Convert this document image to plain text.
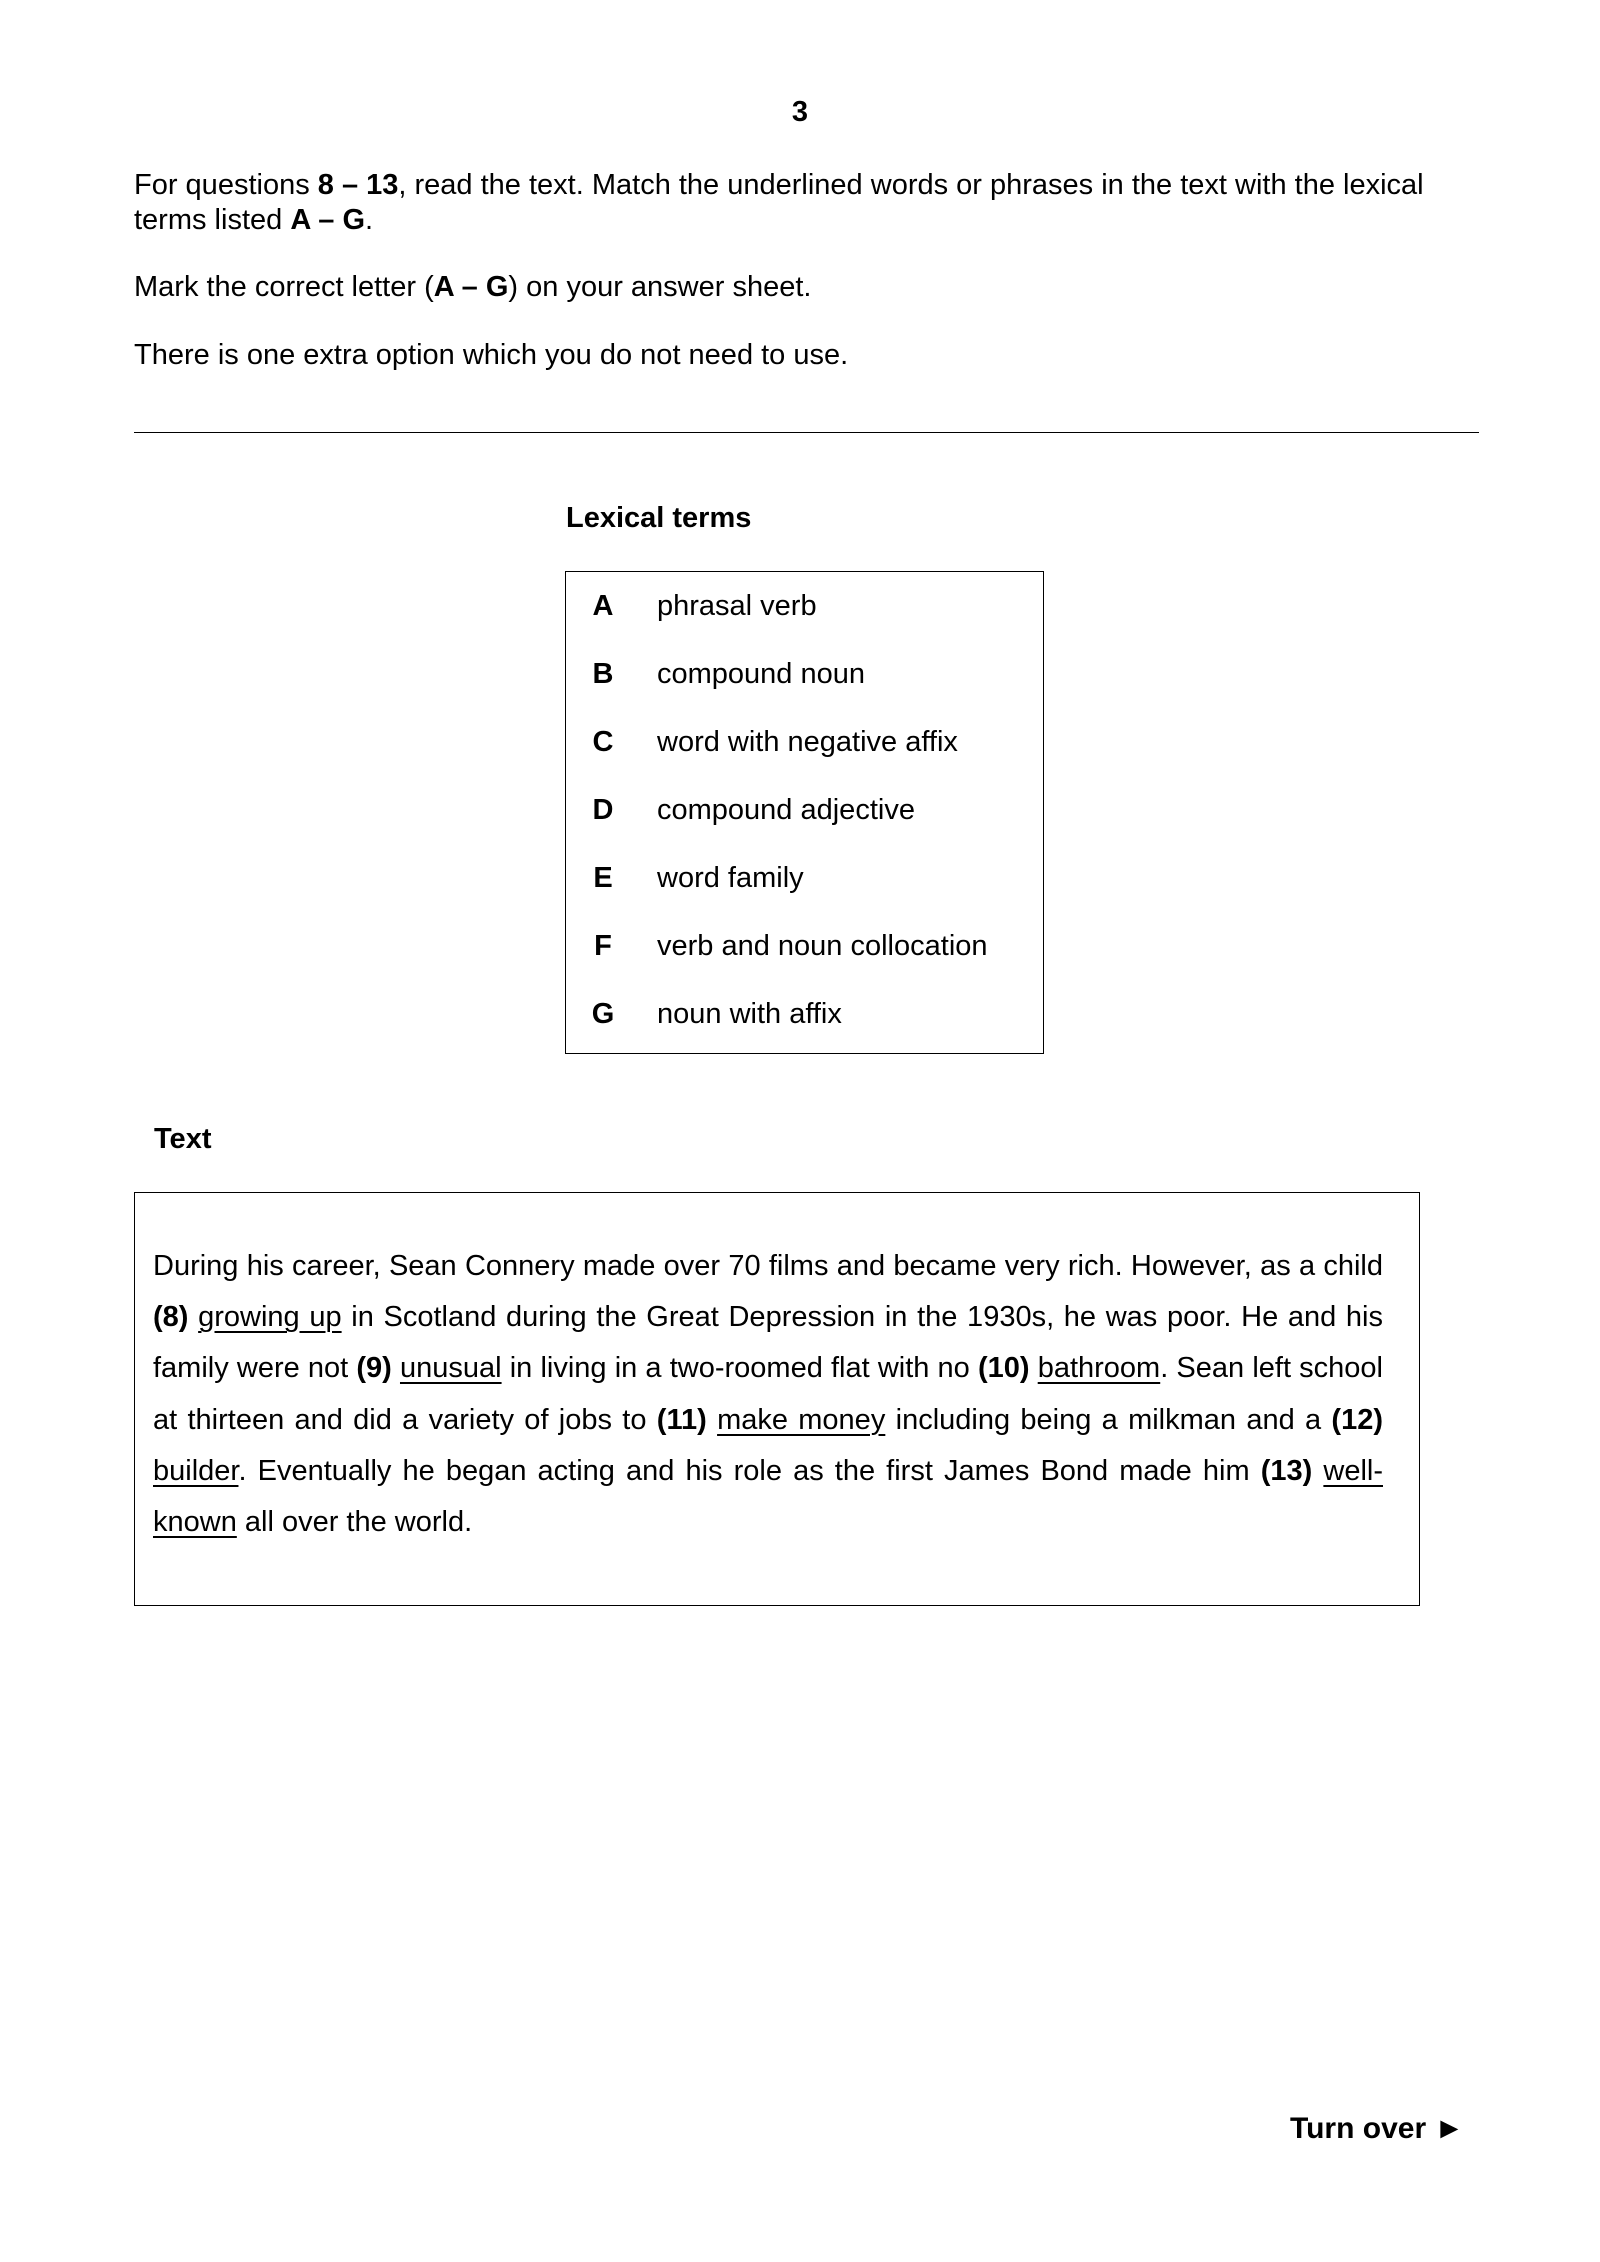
3
For questions 8 – 13, read the text. Match the underlined words or phrases in the text with the lexical terms listed A – G.
Mark the correct letter (A – G) on your answer sheet.
There is one extra option which you do not need to use.
Lexical terms
A phrasal verb
B compound noun
C word with negative affix
D compound adjective
E word family
F verb and noun collocation
G noun with affix
Text
During his career, Sean Connery made over 70 films and became very rich. However, as a child (8) growing up in Scotland during the Great Depression in the 1930s, he was poor. He and his family were not (9) unusual in living in a two-roomed flat with no (10) bathroom. Sean left school at thirteen and did a variety of jobs to (11) make money including being a milkman and a (12) builder. Eventually he began acting and his role as the first James Bond made him (13) well-known all over the world.
Turn over ►
